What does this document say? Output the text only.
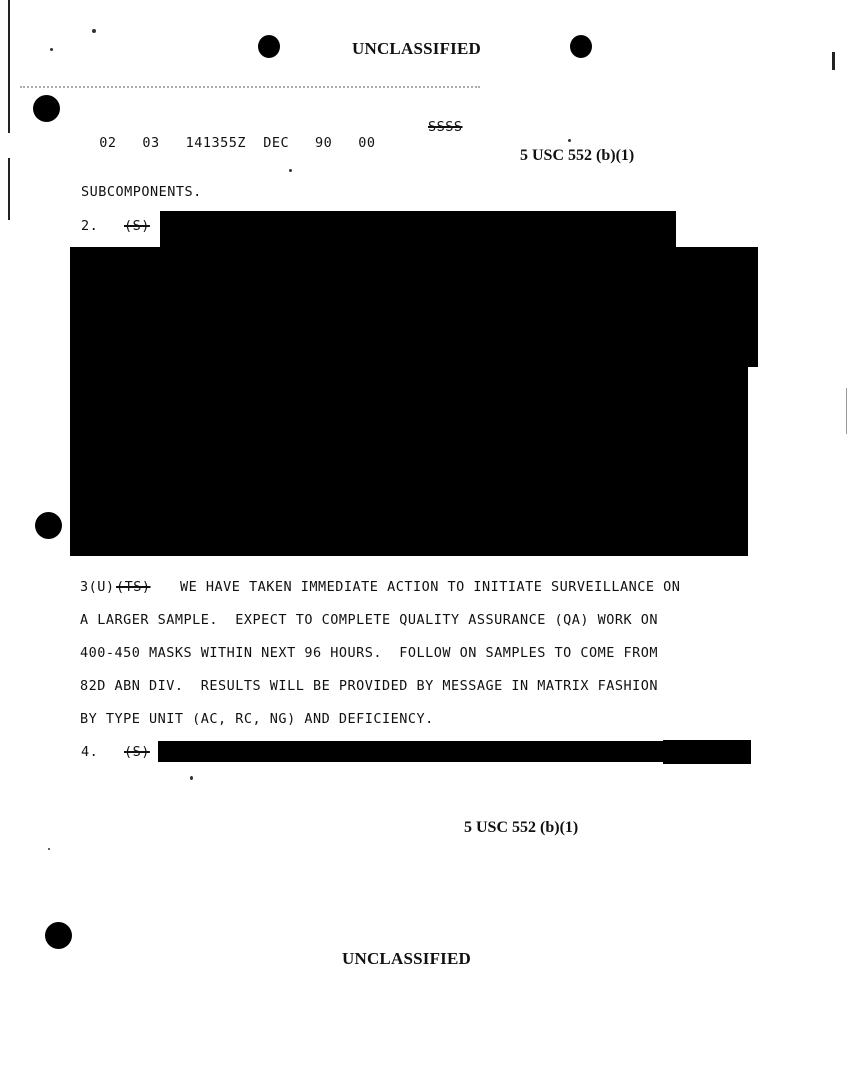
UNCLASSIFIED

02 03 141355Z DEC 90 00

SSSS
5 USC 552 (b)(1)
SUBCOMPONENTS.
2. (S)
3(U) (TS) WE HAVE TAKEN IMMEDIATE ACTION TO INITIATE SURVEILLANCE ON
A LARGER SAMPLE.  EXPECT TO COMPLETE QUALITY ASSURANCE (QA) WORK ON
400-450 MASKS WITHIN NEXT 96 HOURS.  FOLLOW ON SAMPLES TO COME FROM
82D ABN DIV.  RESULTS WILL BE PROVIDED BY MESSAGE IN MATRIX FASHION
BY TYPE UNIT (AC, RC, NG) AND DEFICIENCY.
4. (S)
5 USC 552 (b)(1)
UNCLASSIFIED
